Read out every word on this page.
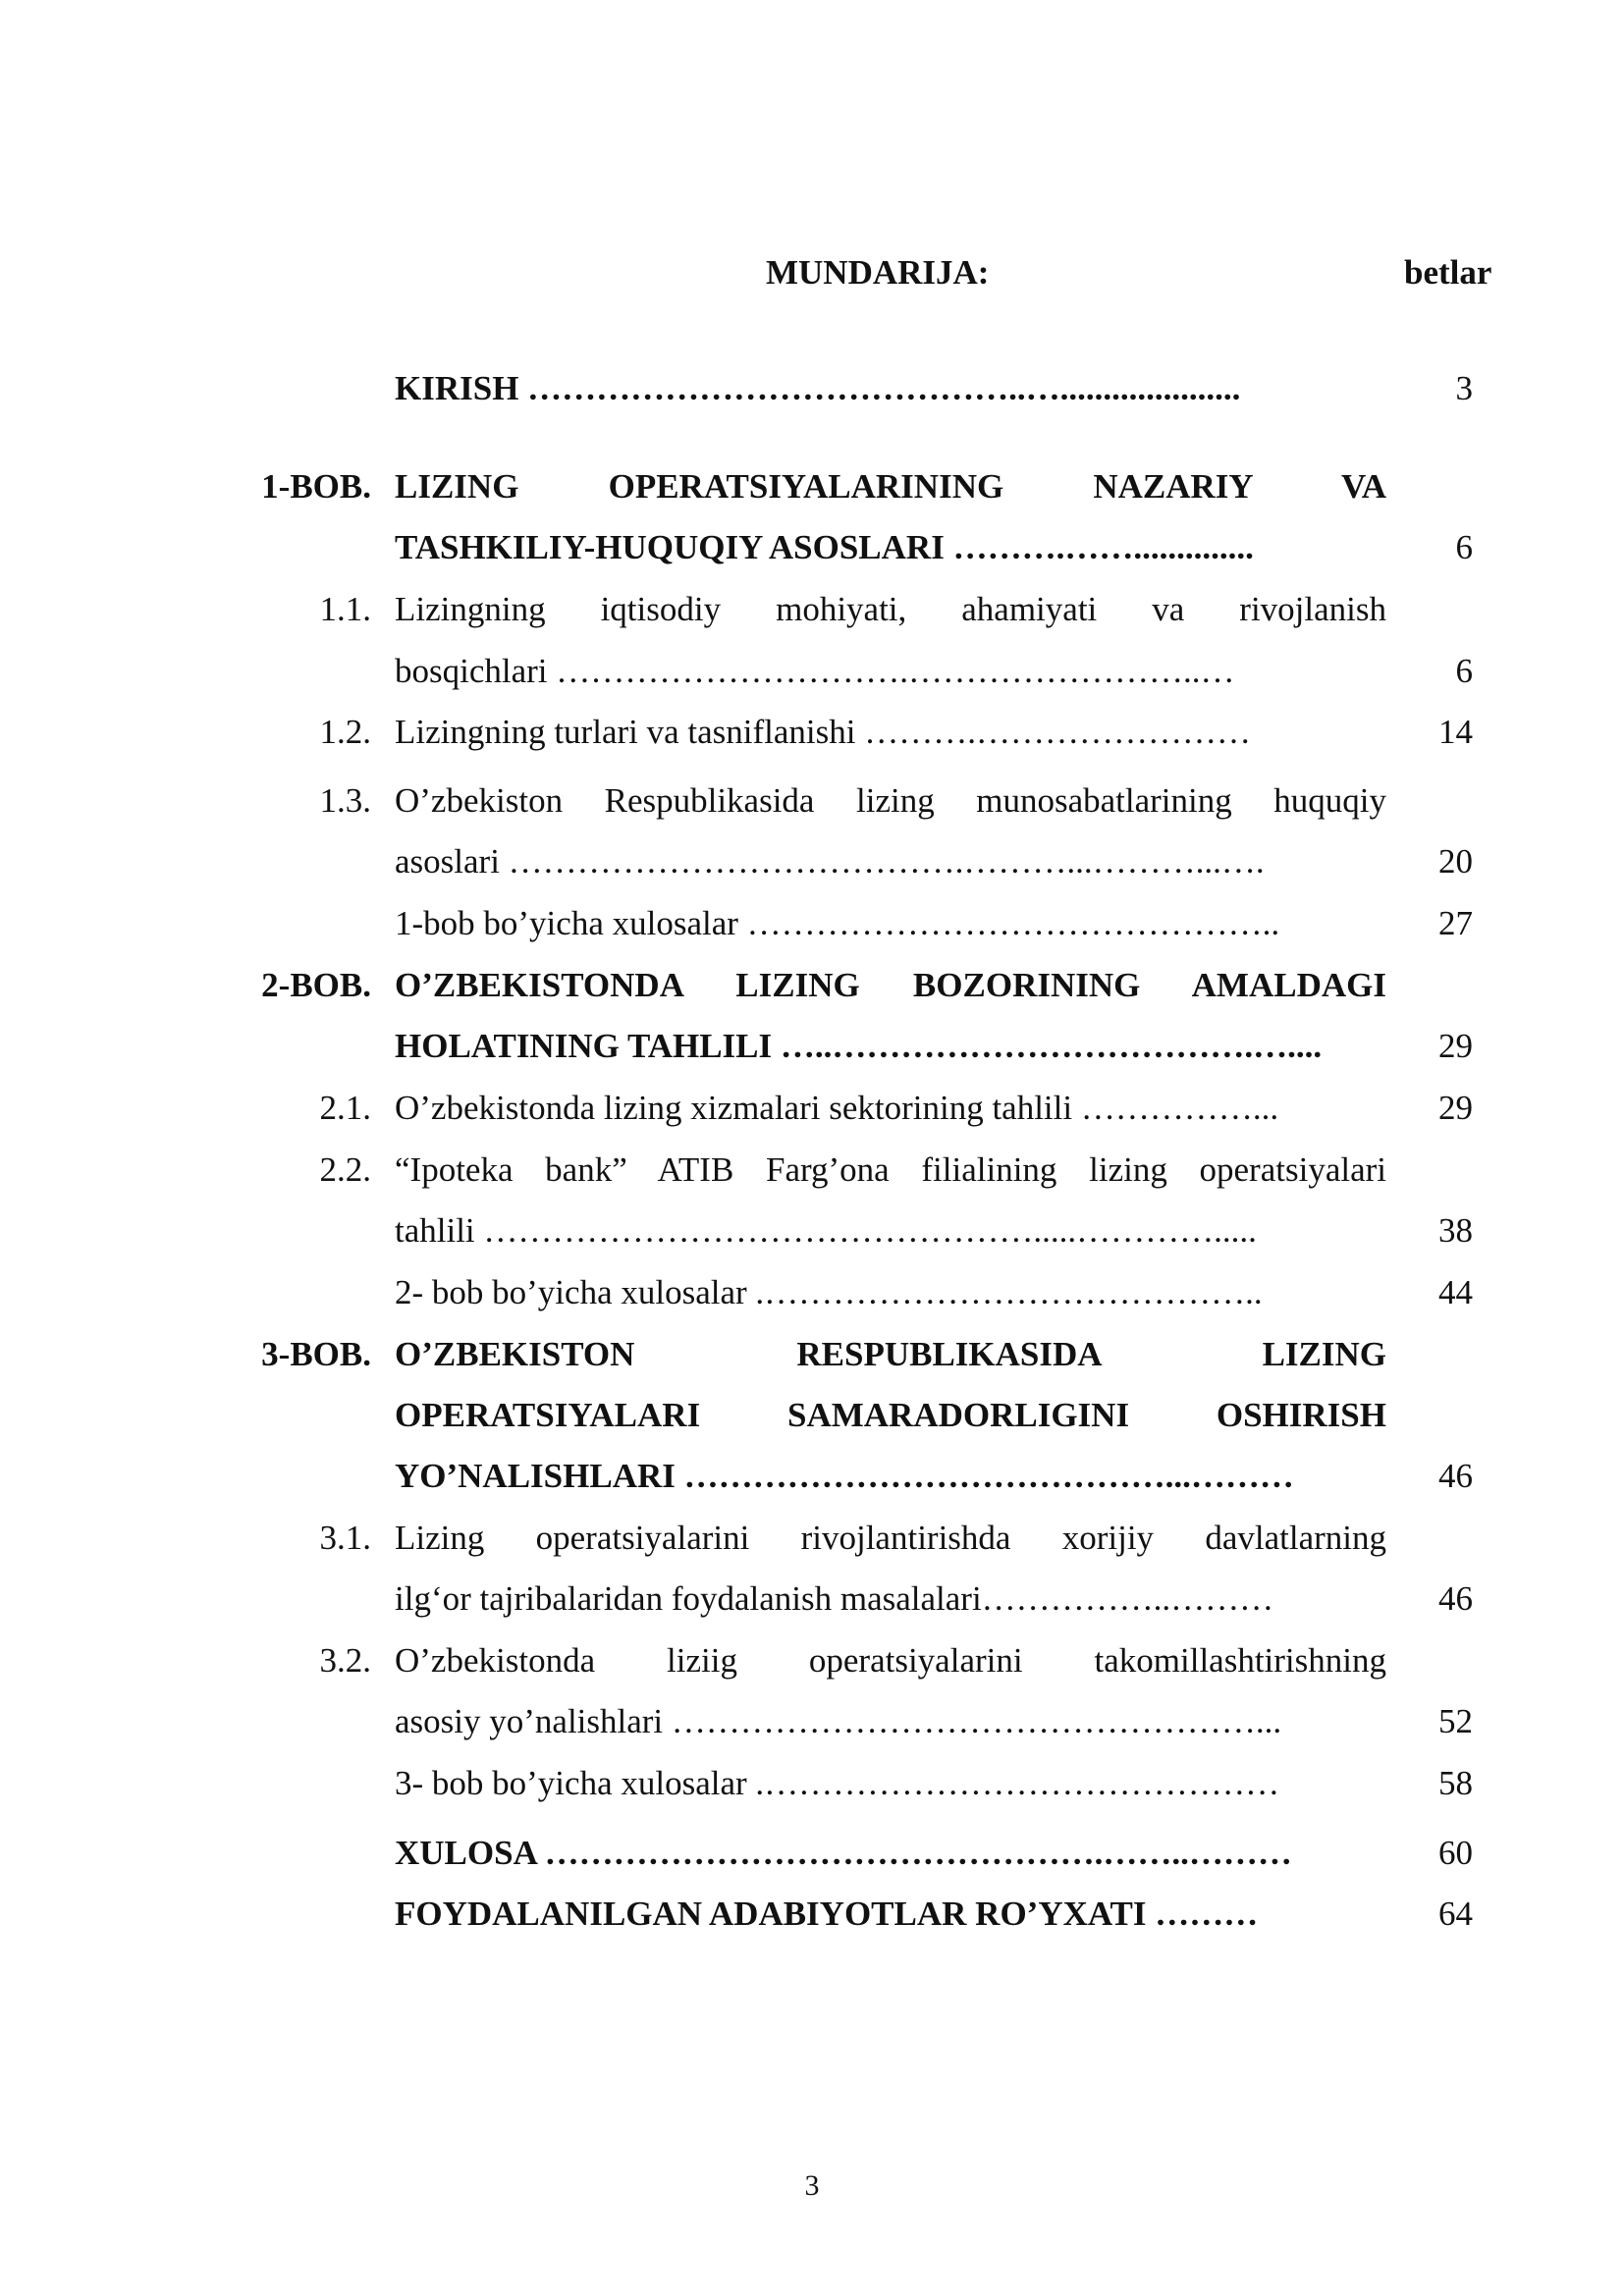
MUNDARIJA:	betlar
KIRISH ……………………………………..….....................	3
1-BOB. LIZING OPERATSIYALARINING NAZARIY VA
TASHKILIY-HUQUQIY ASOSLARI ……….……..............	6
1.1. Lizingning iqtisodiy mohiyati, ahamiyati va rivojlanish
bosqichlari ………………………….……………………..…	6
1.2. Lizingning turlari va tasniflanishi ……….……………………	14
1.3. O’zbekiston Respublikasida lizing munosabatlarining huquqiy
asoslari ………………………………….………...………...….	20
1-bob bo’yicha xulosalar ………………………………………..	27
2-BOB. O’ZBEKISTONDA LIZING BOZORINING AMALDAGI
HOLATINING TAHLILI …..……………………………….…....	29
2.1. O’zbekistonda lizing xizmalari sektorining tahlili ……………...	29
2.2. “Ipoteka bank” ATIB Farg’ona filialining lizing operatsiyalari
tahlili ………………………………………….....………….....	38
2- bob bo’yicha xulosalar .……………………………………..	44
3-BOB. O’ZBEKISTON RESPUBLIKASIDA LIZING
OPERATSIYALARI SAMARADORLIGINI OSHIRISH
YO’NALISHLARI ……………………………………...………	46
3.1. Lizing operatsiyalarini rivojlantirishda xorijiy davlatlarning
ilg‘or tajribalaridan foydalanish masalalari……………..………	46
3.2. O’zbekistonda liziig operatsiyalarini takomillashtirishning
asosiy yo’nalishlari ……………………………………………...	52
3- bob bo’yicha xulosalar .………………………………………	58
XULOSA ………………………………………….……..………	60
FOYDALANILGAN ADABIYOTLAR RO’YXATI ………	64
3
